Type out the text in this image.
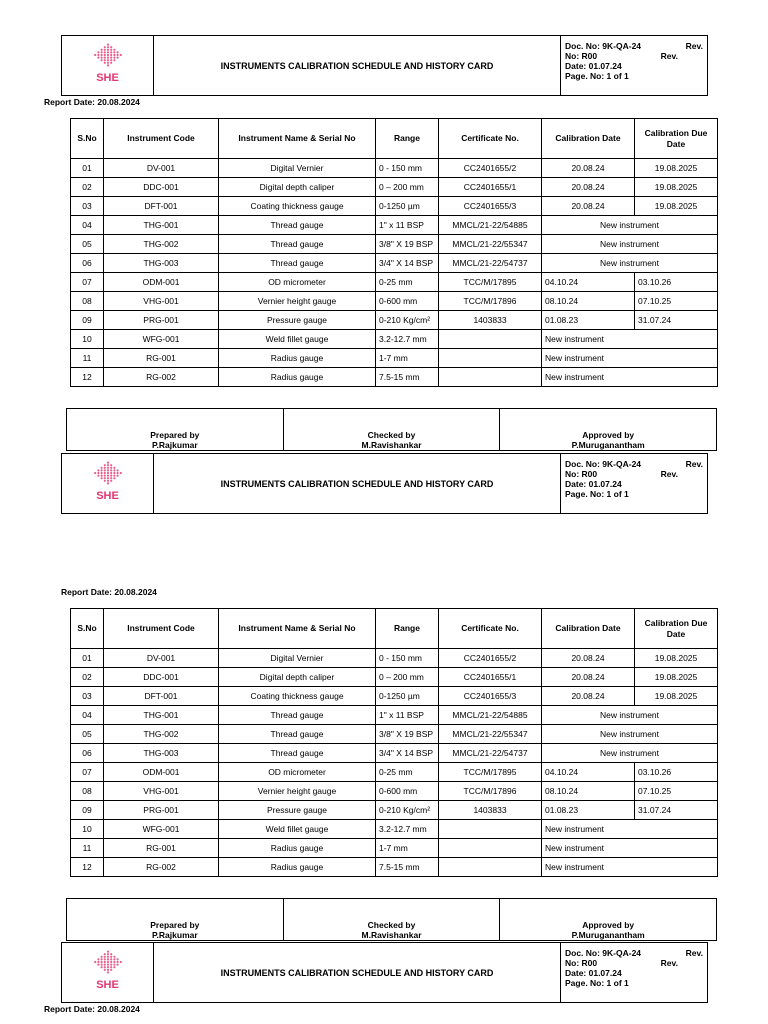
SHE
INSTRUMENTS CALIBRATION SCHEDULE AND HISTORY CARD
Doc. No: 9K-QA-24	Rev.
No: R00	Rev.
Date: 01.07.24
Page. No: 1 of 1
Report Date: 20.08.2024
S.No	Instrument Code	Instrument Name & Serial No	Range	Certificate No.	Calibration Date	Calibration Due Date
01	DV-001	Digital Vernier	0 - 150 mm	CC2401655/2	20.08.24	19.08.2025
02	DDC-001	Digital depth caliper	0 – 200 mm	CC2401655/1	20.08.24	19.08.2025
03	DFT-001	Coating thickness gauge	0-1250 µm	CC2401655/3	20.08.24	19.08.2025
04	THG-001	Thread gauge	1" x 11 BSP	MMCL/21-22/54885	New instrument	
05	THG-002	Thread gauge	3/8" X 19 BSP	MMCL/21-22/55347	New instrument	
06	THG-003	Thread gauge	3/4" X 14 BSP	MMCL/21-22/54737	New instrument	
07	ODM-001	OD micrometer	0-25 mm	TCC/M/17895	04.10.24	03.10.26
08	VHG-001	Vernier height gauge	0-600 mm	TCC/M/17896	08.10.24	07.10.25
09	PRG-001	Pressure gauge	0-210 Kg/cm²	1403833	01.08.23	31.07.24
10	WFG-001	Weld fillet gauge	3.2-12.7 mm		New instrument	
11	RG-001	Radius gauge	1-7 mm		New instrument	
12	RG-002	Radius gauge	7.5-15 mm		New instrument	
Prepared by
P.Rajkumar
Checked by
M.Ravishankar
Approved by
P.Muruganantham
SHE
INSTRUMENTS CALIBRATION SCHEDULE AND HISTORY CARD
Doc. No: 9K-QA-24	Rev.
No: R00	Rev.
Date: 01.07.24
Page. No: 1 of 1
Report Date: 20.08.2024
S.No	Instrument Code	Instrument Name & Serial No	Range	Certificate No.	Calibration Date	Calibration Due Date
01	DV-001	Digital Vernier	0 - 150 mm	CC2401655/2	20.08.24	19.08.2025
02	DDC-001	Digital depth caliper	0 – 200 mm	CC2401655/1	20.08.24	19.08.2025
03	DFT-001	Coating thickness gauge	0-1250 µm	CC2401655/3	20.08.24	19.08.2025
04	THG-001	Thread gauge	1" x 11 BSP	MMCL/21-22/54885	New instrument	
05	THG-002	Thread gauge	3/8" X 19 BSP	MMCL/21-22/55347	New instrument	
06	THG-003	Thread gauge	3/4" X 14 BSP	MMCL/21-22/54737	New instrument	
07	ODM-001	OD micrometer	0-25 mm	TCC/M/17895	04.10.24	03.10.26
08	VHG-001	Vernier height gauge	0-600 mm	TCC/M/17896	08.10.24	07.10.25
09	PRG-001	Pressure gauge	0-210 Kg/cm²	1403833	01.08.23	31.07.24
10	WFG-001	Weld fillet gauge	3.2-12.7 mm		New instrument	
11	RG-001	Radius gauge	1-7 mm		New instrument	
12	RG-002	Radius gauge	7.5-15 mm		New instrument	
Prepared by
P.Rajkumar
Checked by
M.Ravishankar
Approved by
P.Muruganantham
SHE
INSTRUMENTS CALIBRATION SCHEDULE AND HISTORY CARD
Doc. No: 9K-QA-24	Rev.
No: R00	Rev.
Date: 01.07.24
Page. No: 1 of 1
Report Date: 20.08.2024
